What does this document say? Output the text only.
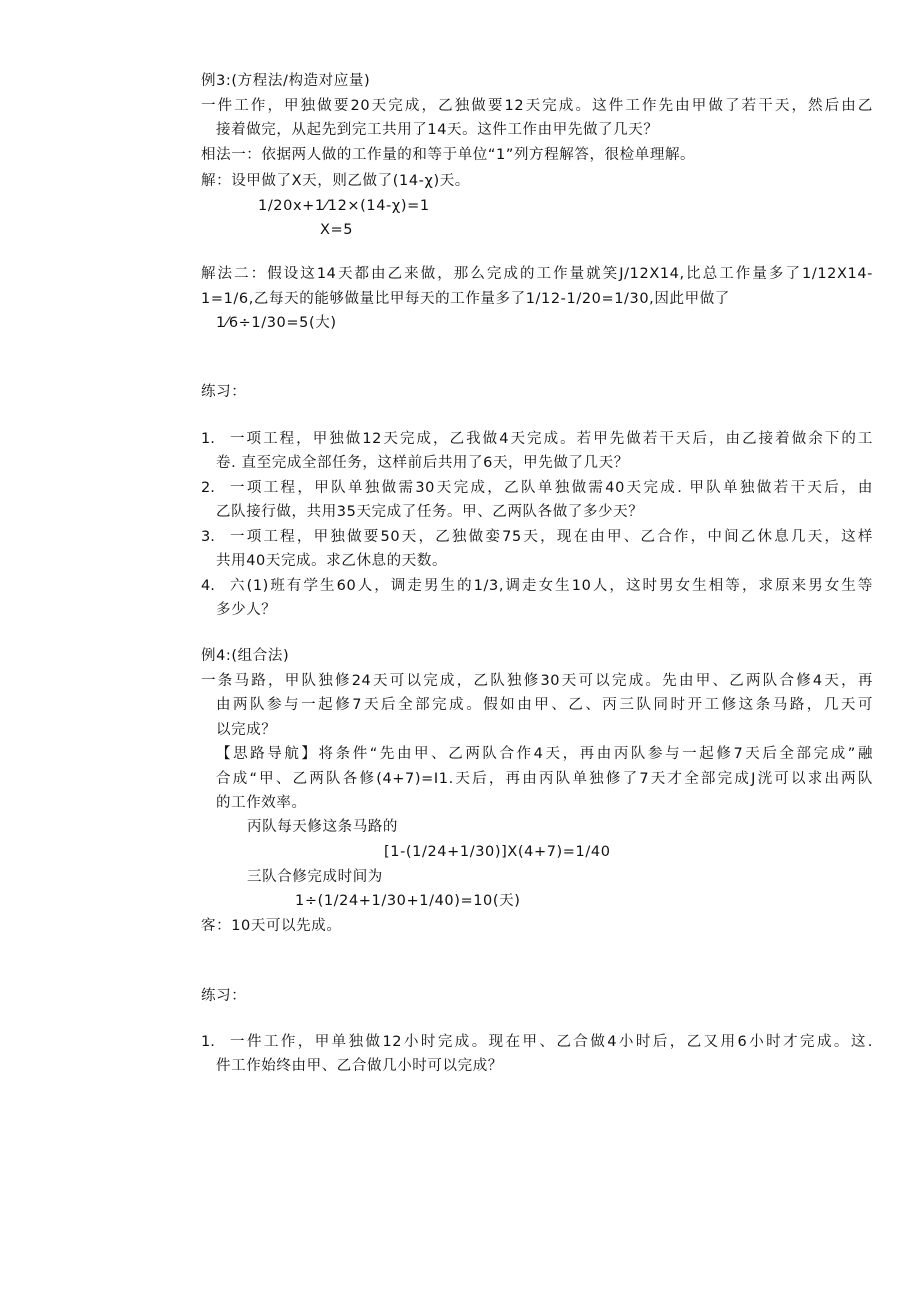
例3:(方程法/构造对应量)
一件工作，甲独做要20天完成，乙独做要12天完成。这件工作先由甲做了若干天，然后由乙
接着做完，从起先到完工共用了14天。这件工作由甲先做了几天？
相法一：依据两人做的工作量的和等于单位“1”列方程解答，很检单理解。
解：设甲做了X天，则乙做了(14-χ)天。
1/20x+1⁄12×(14-χ)=1
X=5
解法二：假设这14天都由乙来做，那么完成的工作量就笑J/12X14,比总工作量多了1/12X14-
1=1/6,乙每天的能够做量比甲每天的工作量多了1/12-1/20=1/30,因此甲做了
1⁄6÷1/30=5(大)
练习：
1. 一项工程，甲独做12天完成，乙我做4天完成。若甲先做若干天后，由乙接着做余下的工
卷. 直至完成全部任务，这样前后共用了6天，甲先做了几天？
2. 一项工程，甲队单独做需30天完成，乙队单独做需40天完成. 甲队单独做若干天后，由
乙队接行做，共用35天完成了任务。甲、乙两队各做了多少天？
3. 一项工程，甲独做要50天，乙独做娈75天，现在由甲、乙合作，中间乙休息几天，这样
共用40天完成。求乙休息的天数。
4. 六(1)班有学生60人，调走男生的1/3,调走女生10人，这时男女生相等，求原来男女生等
多少人？
例4:(组合法)
一条马路，甲队独修24天可以完成，乙队独修30天可以完成。先由甲、乙两队合修4天，再
由两队参与一起修7天后全部完成。假如由甲、乙、丙三队同时开工修这条马路，几天可
以完成？
【思路导航】将条件“先由甲、乙两队合作4天，再由丙队参与一起修7天后全部完成”融
合成“甲、乙两队各修(4+7)=I1.天后，再由丙队单独修了7天才全部完成J洸可以求出两队
的工作效率。
丙队每天修这条马路的
[1-(1/24+1/30)]X(4+7)=1/40
三队合修完成时间为
1÷(1/24+1/30+1/40)=10(天)
客：10天可以先成。
练习：
1. 一件工作，甲单独做12小时完成。现在甲、乙合做4小时后，乙又用6小时才完成。这.
件工作始终由甲、乙合做几小时可以完成？
